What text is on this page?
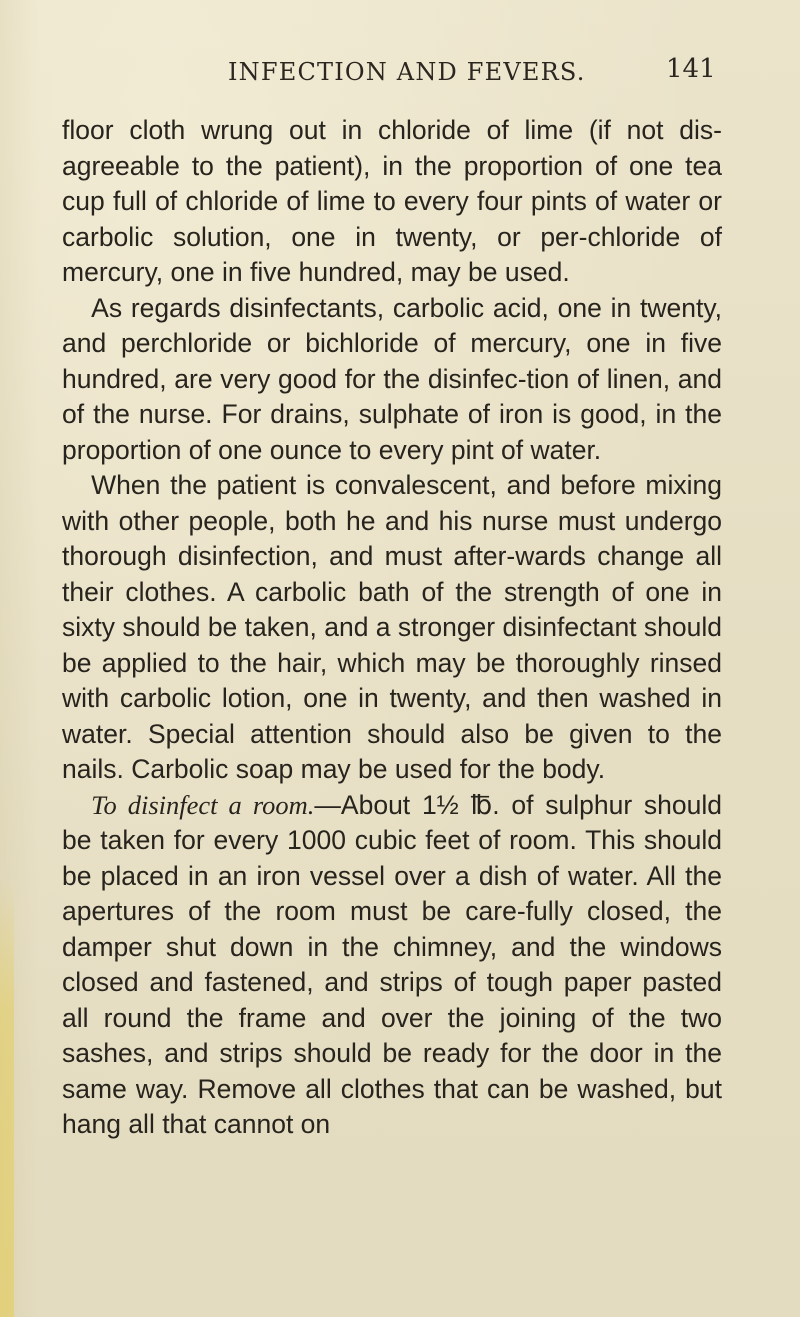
INFECTION AND FEVERS.	141

floor cloth wrung out in chloride of lime (if not dis-agreeable to the patient), in the proportion of one tea cup full of chloride of lime to every four pints of water or carbolic solution, one in twenty, or per-chloride of mercury, one in five hundred, may be used.

As regards disinfectants, carbolic acid, one in twenty, and perchloride or bichloride of mercury, one in five hundred, are very good for the disinfec-tion of linen, and of the nurse. For drains, sulphate of iron is good, in the proportion of one ounce to every pint of water.

When the patient is convalescent, and before mixing with other people, both he and his nurse must undergo thorough disinfection, and must after-wards change all their clothes. A carbolic bath of the strength of one in sixty should be taken, and a stronger disinfectant should be applied to the hair, which may be thoroughly rinsed with carbolic lotion, one in twenty, and then washed in water. Special attention should also be given to the nails. Carbolic soap may be used for the body.

To disinfect a room.—About 1½ ℔. of sulphur should be taken for every 1000 cubic feet of room. This should be placed in an iron vessel over a dish of water. All the apertures of the room must be care-fully closed, the damper shut down in the chimney, and the windows closed and fastened, and strips of tough paper pasted all round the frame and over the joining of the two sashes, and strips should be ready for the door in the same way. Remove all clothes that can be washed, but hang all that cannot on
